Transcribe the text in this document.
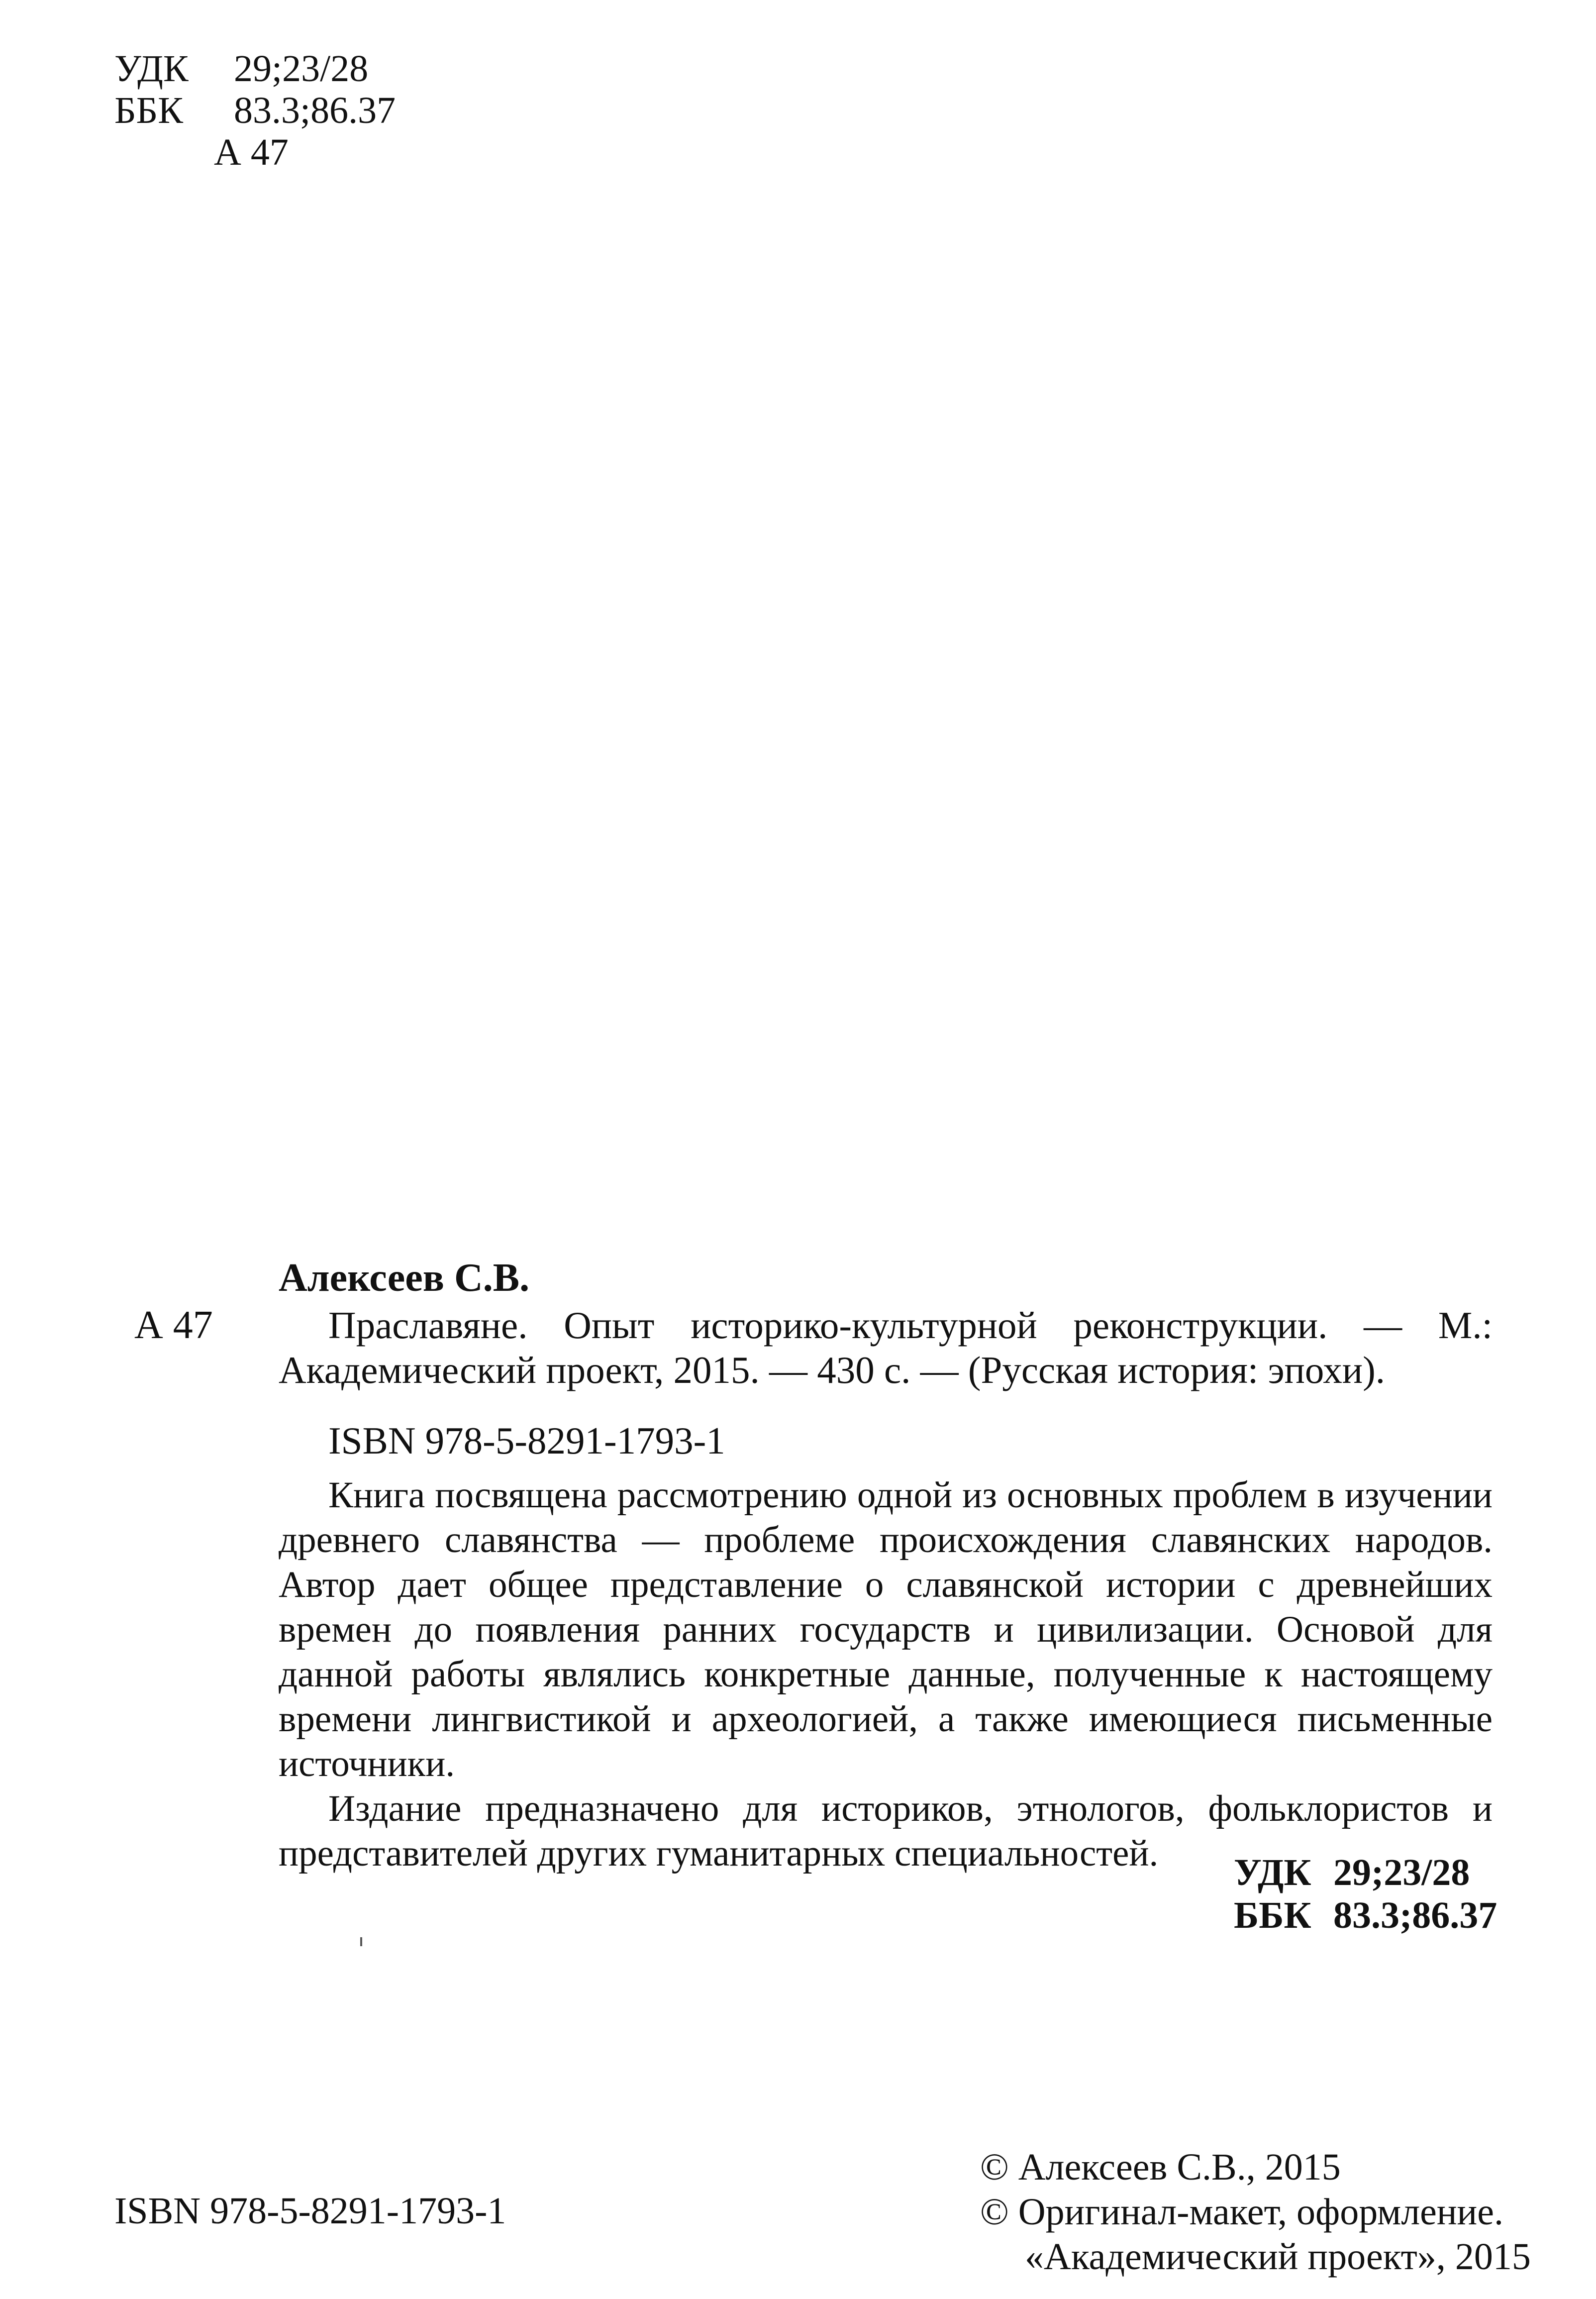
УДК	29;23/28
ББК	83.3;86.37
А 47
А 47
Алексеев С.В.
Праславяне. Опыт историко-культурной реконструкции. — М.: Академический проект, 2015. — 430 с. — (Русская история: эпохи).
ISBN 978-5-8291-1793-1

Книга посвящена рассмотрению одной из основных проблем в изучении древнего славянства — проблеме происхождения славянских народов. Автор дает общее представление о славянской истории с древнейших времен до появления ранних государств и цивилизации. Основой для данной работы являлись конкретные данные, полученные к настоящему времени лингвистикой и археологией, а также имеющиеся письменные источники.

Издание предназначено для историков, этнологов, фольклористов и представителей других гуманитарных специальностей.	УДК 29;23/28
ББК 83.3;86.37
© Алексеев С.В., 2015
© Оригинал-макет, оформление.
«Академический проект», 2015
ISBN 978-5-8291-1793-1
